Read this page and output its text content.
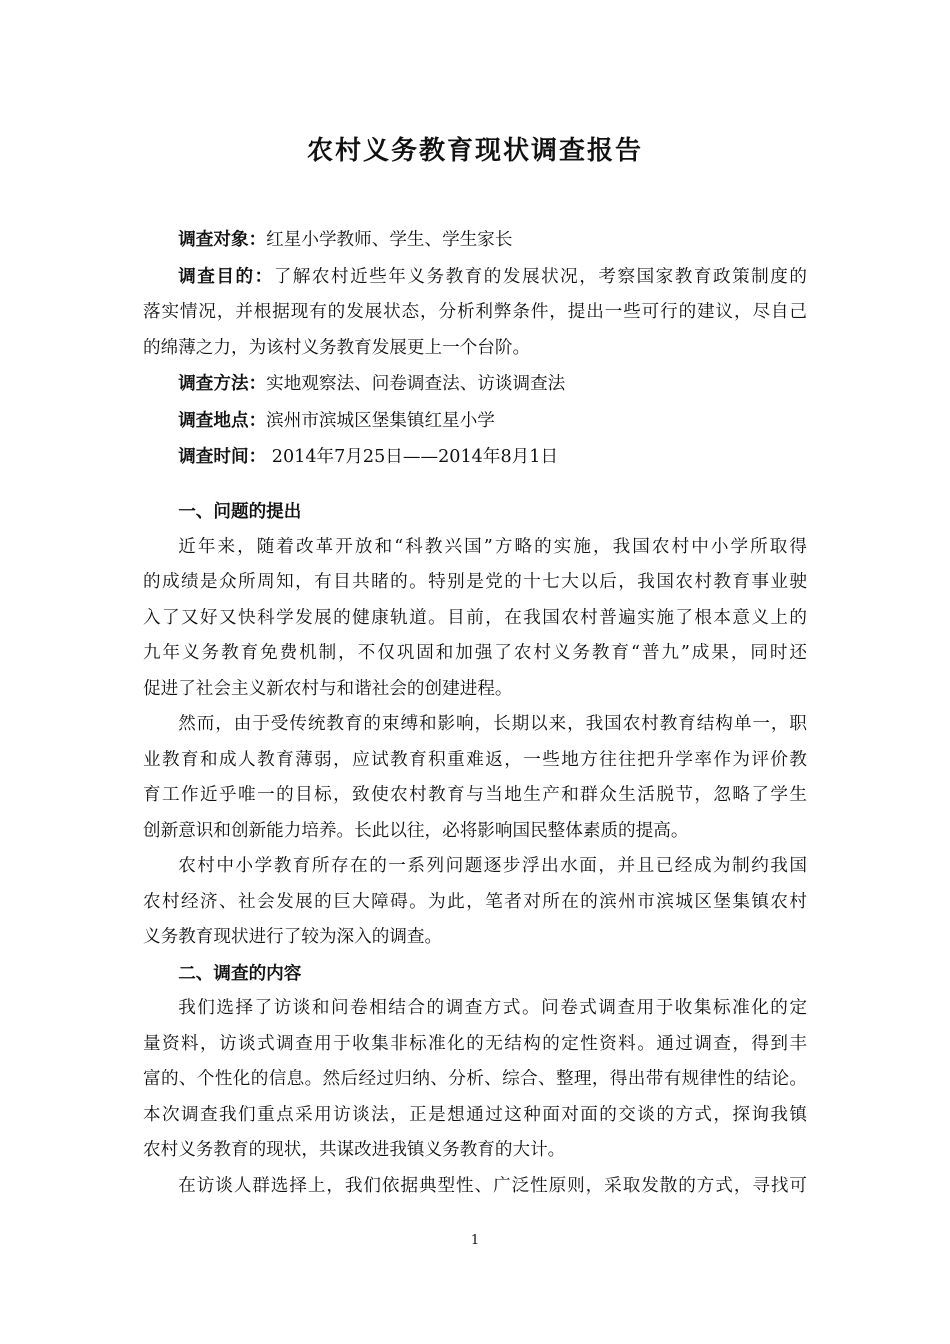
农村义务教育现状调查报告
调查对象：红星小学教师、学生、学生家长
调查目的：了解农村近些年义务教育的发展状况，考察国家教育政策制度的
落实情况，并根据现有的发展状态，分析利弊条件，提出一些可行的建议，尽自己
的绵薄之力，为该村义务教育发展更上一个台阶。
调查方法：实地观察法、问卷调查法、访谈调查法
调查地点：滨州市滨城区堡集镇红星小学
调查时间： 2014年7月25日——2014年8月1日
一、问题的提出
近年来，随着改革开放和“科教兴国”方略的实施，我国农村中小学所取得
的成绩是众所周知，有目共睹的。特别是党的十七大以后，我国农村教育事业驶
入了又好又快科学发展的健康轨道。目前，在我国农村普遍实施了根本意义上的
九年义务教育免费机制，不仅巩固和加强了农村义务教育“普九”成果，同时还
促进了社会主义新农村与和谐社会的创建进程。
然而，由于受传统教育的束缚和影响，长期以来，我国农村教育结构单一，职
业教育和成人教育薄弱，应试教育积重难返，一些地方往往把升学率作为评价教
育工作近乎唯一的目标，致使农村教育与当地生产和群众生活脱节，忽略了学生
创新意识和创新能力培养。长此以往，必将影响国民整体素质的提高。
农村中小学教育所存在的一系列问题逐步浮出水面，并且已经成为制约我国
农村经济、社会发展的巨大障碍。为此，笔者对所在的滨州市滨城区堡集镇农村
义务教育现状进行了较为深入的调查。
二、调查的内容
我们选择了访谈和问卷相结合的调查方式。问卷式调查用于收集标准化的定
量资料，访谈式调查用于收集非标准化的无结构的定性资料。通过调查，得到丰
富的、个性化的信息。然后经过归纳、分析、综合、整理，得出带有规律性的结论。
本次调查我们重点采用访谈法，正是想通过这种面对面的交谈的方式，探询我镇
农村义务教育的现状，共谋改进我镇义务教育的大计。
在访谈人群选择上，我们依据典型性、广泛性原则，采取发散的方式，寻找可
1
